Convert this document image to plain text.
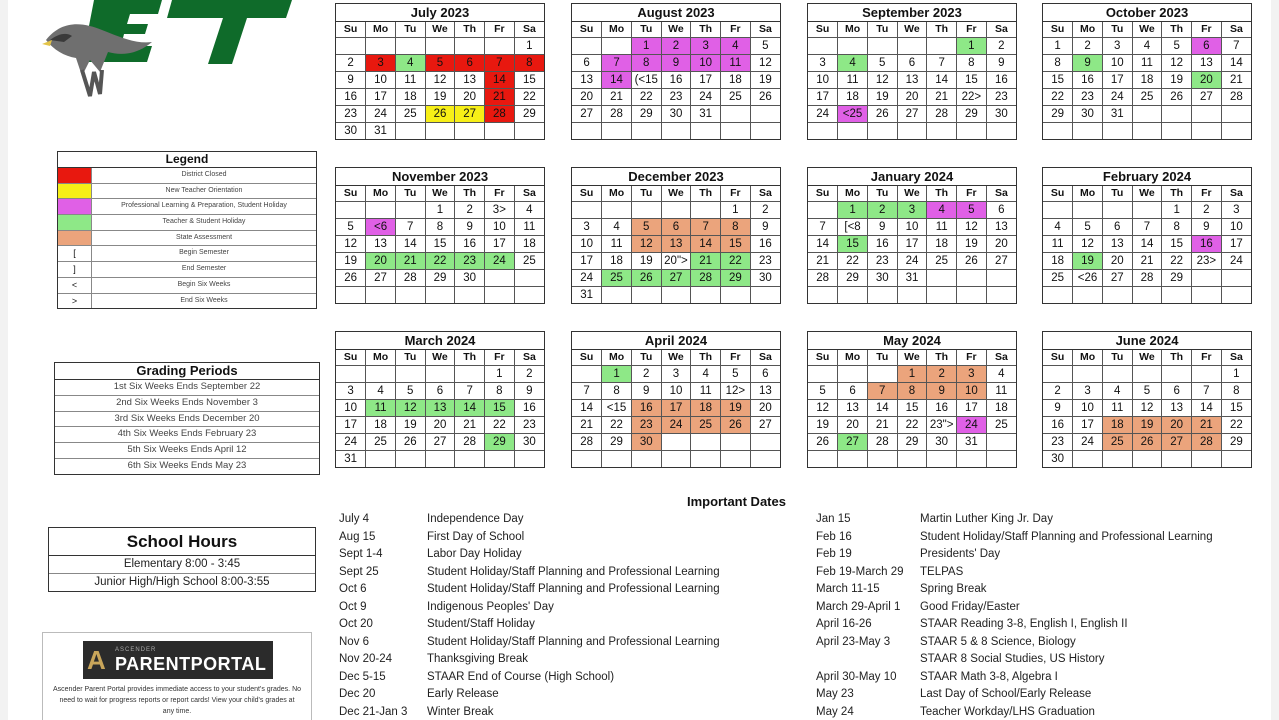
July 2023
Su	Mo	Tu	We	Th	Fr	Sa
						1
2	3	4	5	6	7	8
9	10	11	12	13	14	15
16	17	18	19	20	21	22
23	24	25	26	27	28	29
30	31					
August 2023
Su	Mo	Tu	We	Th	Fr	Sa
		1	2	3	4	5
6	7	8	9	10	11	12
13	14	(<15	16	17	18	19
20	21	22	23	24	25	26
27	28	29	30	31		

September 2023
Su	Mo	Tu	We	Th	Fr	Sa
					1	2
3	4	5	6	7	8	9
10	11	12	13	14	15	16
17	18	19	20	21	22>	23
24	<25	26	27	28	29	30

October 2023
Su	Mo	Tu	We	Th	Fr	Sa
1	2	3	4	5	6	7
8	9	10	11	12	13	14
15	16	17	18	19	20	21
22	23	24	25	26	27	28
29	30	31				

November 2023
Su	Mo	Tu	We	Th	Fr	Sa
			1	2	3>	4
5	<6	7	8	9	10	11
12	13	14	15	16	17	18
19	20	21	22	23	24	25
26	27	28	29	30		

December 2023
Su	Mo	Tu	We	Th	Fr	Sa
					1	2
3	4	5	6	7	8	9
10	11	12	13	14	15	16
17	18	19	20">	21	22	23
24	25	26	27	28	29	30
31						
January 2024
Su	Mo	Tu	We	Th	Fr	Sa
	1	2	3	4	5	6
7	[<8	9	10	11	12	13
14	15	16	17	18	19	20
21	22	23	24	25	26	27
28	29	30	31			

February 2024
Su	Mo	Tu	We	Th	Fr	Sa
				1	2	3
4	5	6	7	8	9	10
11	12	13	14	15	16	17
18	19	20	21	22	23>	24
25	<26	27	28	29		

March 2024
Su	Mo	Tu	We	Th	Fr	Sa
					1	2
3	4	5	6	7	8	9
10	11	12	13	14	15	16
17	18	19	20	21	22	23
24	25	26	27	28	29	30
31						
April 2024
Su	Mo	Tu	We	Th	Fr	Sa
	1	2	3	4	5	6
7	8	9	10	11	12>	13
14	<15	16	17	18	19	20
21	22	23	24	25	26	27
28	29	30				

May 2024
Su	Mo	Tu	We	Th	Fr	Sa
			1	2	3	4
5	6	7	8	9	10	11
12	13	14	15	16	17	18
19	20	21	22	23">	24	25
26	27	28	29	30	31	

June 2024
Su	Mo	Tu	We	Th	Fr	Sa
						1
2	3	4	5	6	7	8
9	10	11	12	13	14	15
16	17	18	19	20	21	22
23	24	25	26	27	28	29
30						
Legend
District Closed
New Teacher Orientation
Professional Learning & Preparation, Student Holiday
Teacher & Student Holiday
State Assessment
[	Begin Semester
]	End Semester
<	Begin Six Weeks
>	End Six Weeks
Grading Periods
1st Six Weeks Ends September 22
2nd Six Weeks Ends November 3
3rd Six Weeks Ends December 20
4th Six Weeks Ends February 23
5th Six Weeks Ends April 12
6th Six Weeks Ends May 23
School Hours
Elementary 8:00 - 3:45
Junior High/High School 8:00-3:55
A	ASCENDER
PARENTPORTAL
Ascender Parent Portal provides immediate access to your student's grades. No need to wait for progress reports or report cards! View your child's grades at any time.
Important Dates
July 4	Independence Day
Aug 15	First Day of School
Sept 1-4	Labor Day Holiday
Sept 25	Student Holiday/Staff Planning and Professional Learning
Oct 6	Student Holiday/Staff Planning and Professional Learning
Oct 9	Indigenous Peoples' Day
Oct 20	Student/Staff Holiday
Nov 6	Student Holiday/Staff Planning and Professional Learning
Nov 20-24	Thanksgiving Break
Dec 5-15	STAAR End of Course (High School)
Dec 20	Early Release
Dec 21-Jan 3 Winter Break
Jan 15	Martin Luther King Jr. Day
Feb 16	Student Holiday/Staff Planning and Professional Learning
Feb 19	Presidents' Day
Feb 19-March 29 TELPAS
March 11-15	Spring Break
March 29-April 1 Good Friday/Easter
April 16-26	STAAR Reading 3-8, English I, English II
April 23-May 3	STAAR 5 & 8 Science, Biology
STAAR 8 Social Studies, US History
April 30-May 10 STAAR Math 3-8, Algebra I
May 23	Last Day of School/Early Release
May 24	Teacher Workday/LHS Graduation
